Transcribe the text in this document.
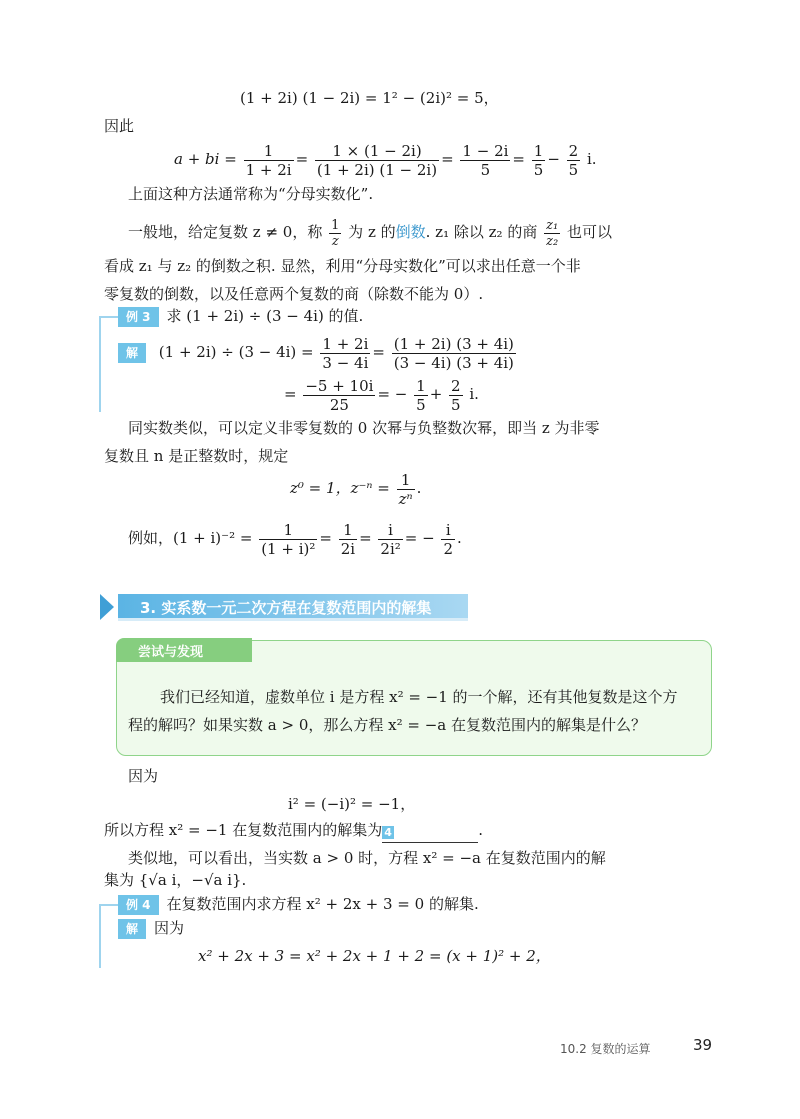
(1 + 2i) (1 − 2i) = 1² − (2i)² = 5，
因此
a + bi = $\frac{1}{1 + 2i} = \frac{1 \times (1 - 2i)}{(1 + 2i) (1 - 2i)} = \frac{1 - 2i}{5} = \frac{1}{5} - \frac{2}{5} i$.
上面这种方法通常称为“分母实数化”.
一般地，给定复数 z ≠ 0，称 $\frac{1}{z}$ 为 z 的倒数. z₁ 除以 z₂ 的商 $\frac{\text{z₁}}{\text{z₂}}$ 也可以
看成 z₁ 与 z₂ 的倒数之积. 显然，利用“分母实数化”可以求出任意一个非
零复数的倒数，以及任意两个复数的商（除数不能为 0）.
例 3 求 (1 + 2i) ÷ (3 − 4i) 的值.
解 $(1 + 2i) \div (3 - 4i) = \frac{1 + 2i}{3 - 4i} = \frac{(1 + 2i) (3 + 4i)}{(3 - 4i) (3 + 4i)}$
= $\frac{-5 + 10i}{25}$ = − $\frac{1}{5} + \frac{2}{5} i$.
同实数类似，可以定义非零复数的 0 次幂与负整数次幂，即当 z 为非零
复数且 n 是正整数时，规定
z⁰ = 1，$z^{-n} = \frac{1}{\text{zⁿ}}$ .
例如，$(1 + i)^{-2} = \frac{1}{\text{(1 + i)²}} = \frac{1}{2i} = \frac{i}{\text{2i²}}$ = − $\frac{i}{2}$ .
3. 实系数一元二次方程在复数范围内的解集
尝试与发现
我们已经知道，虚数单位 i 是方程 x² = −1 的一个解，还有其他复数是这个方
程的解吗？如果实数 a > 0，那么方程 x² = −a 在复数范围内的解集是什么？
因为
i² = (−i)² = −1，
所以方程 x² = −1 在复数范围内的解集为 4	.
类似地，可以看出，当实数 a > 0 时，方程 x² = −a 在复数范围内的解
集为 {√a i，−√a i}.
例 4 在复数范围内求方程 x² + 2x + 3 = 0 的解集.
解 因为
x² + 2x + 3 = x² + 2x + 1 + 2 = (x + 1)² + 2，
10.2 复数的运算	39
